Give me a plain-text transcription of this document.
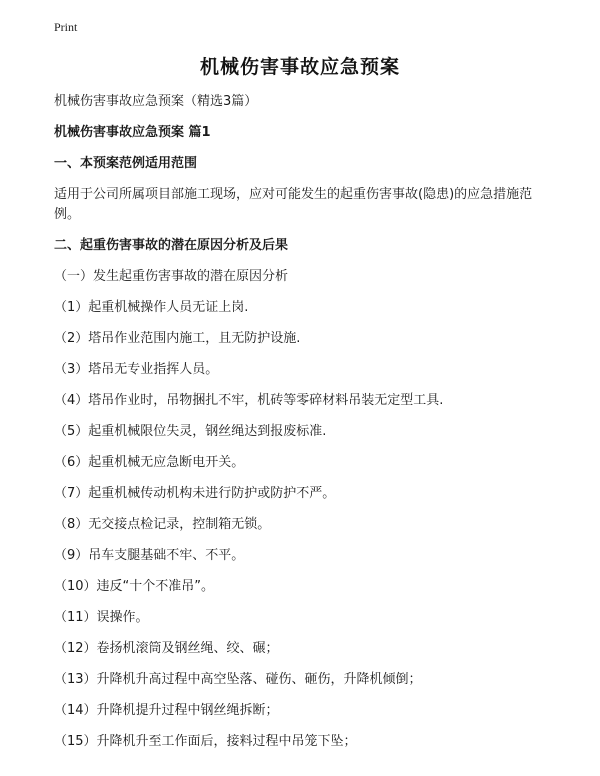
Print
机械伤害事故应急预案

机械伤害事故应急预案（精选3篇）

机械伤害事故应急预案 篇1

一、本预案范例适用范围

适用于公司所属项目部施工现场，应对可能发生的起重伤害事故(隐患)的应急措施范例。

二、起重伤害事故的潜在原因分析及后果

（一）发生起重伤害事故的潜在原因分析
（1）起重机械操作人员无证上岗.
（2）塔吊作业范围内施工，且无防护设施.
（3）塔吊无专业指挥人员。
（4）塔吊作业时，吊物捆扎不牢，机砖等零碎材料吊装无定型工具.
（5）起重机械限位失灵，钢丝绳达到报废标准.
（6）起重机械无应急断电开关。
（7）起重机械传动机构未进行防护或防护不严。
（8）无交接点检记录，控制箱无锁。
（9）吊车支腿基础不牢、不平。
（10）违反“十个不准吊”。
（11）误操作。
（12）卷扬机滚筒及钢丝绳、绞、碾；
（13）升降机升高过程中高空坠落、碰伤、砸伤，升降机倾倒；
（14）升降机提升过程中钢丝绳拆断；
（15）升降机升至工作面后，接料过程中吊笼下坠；
